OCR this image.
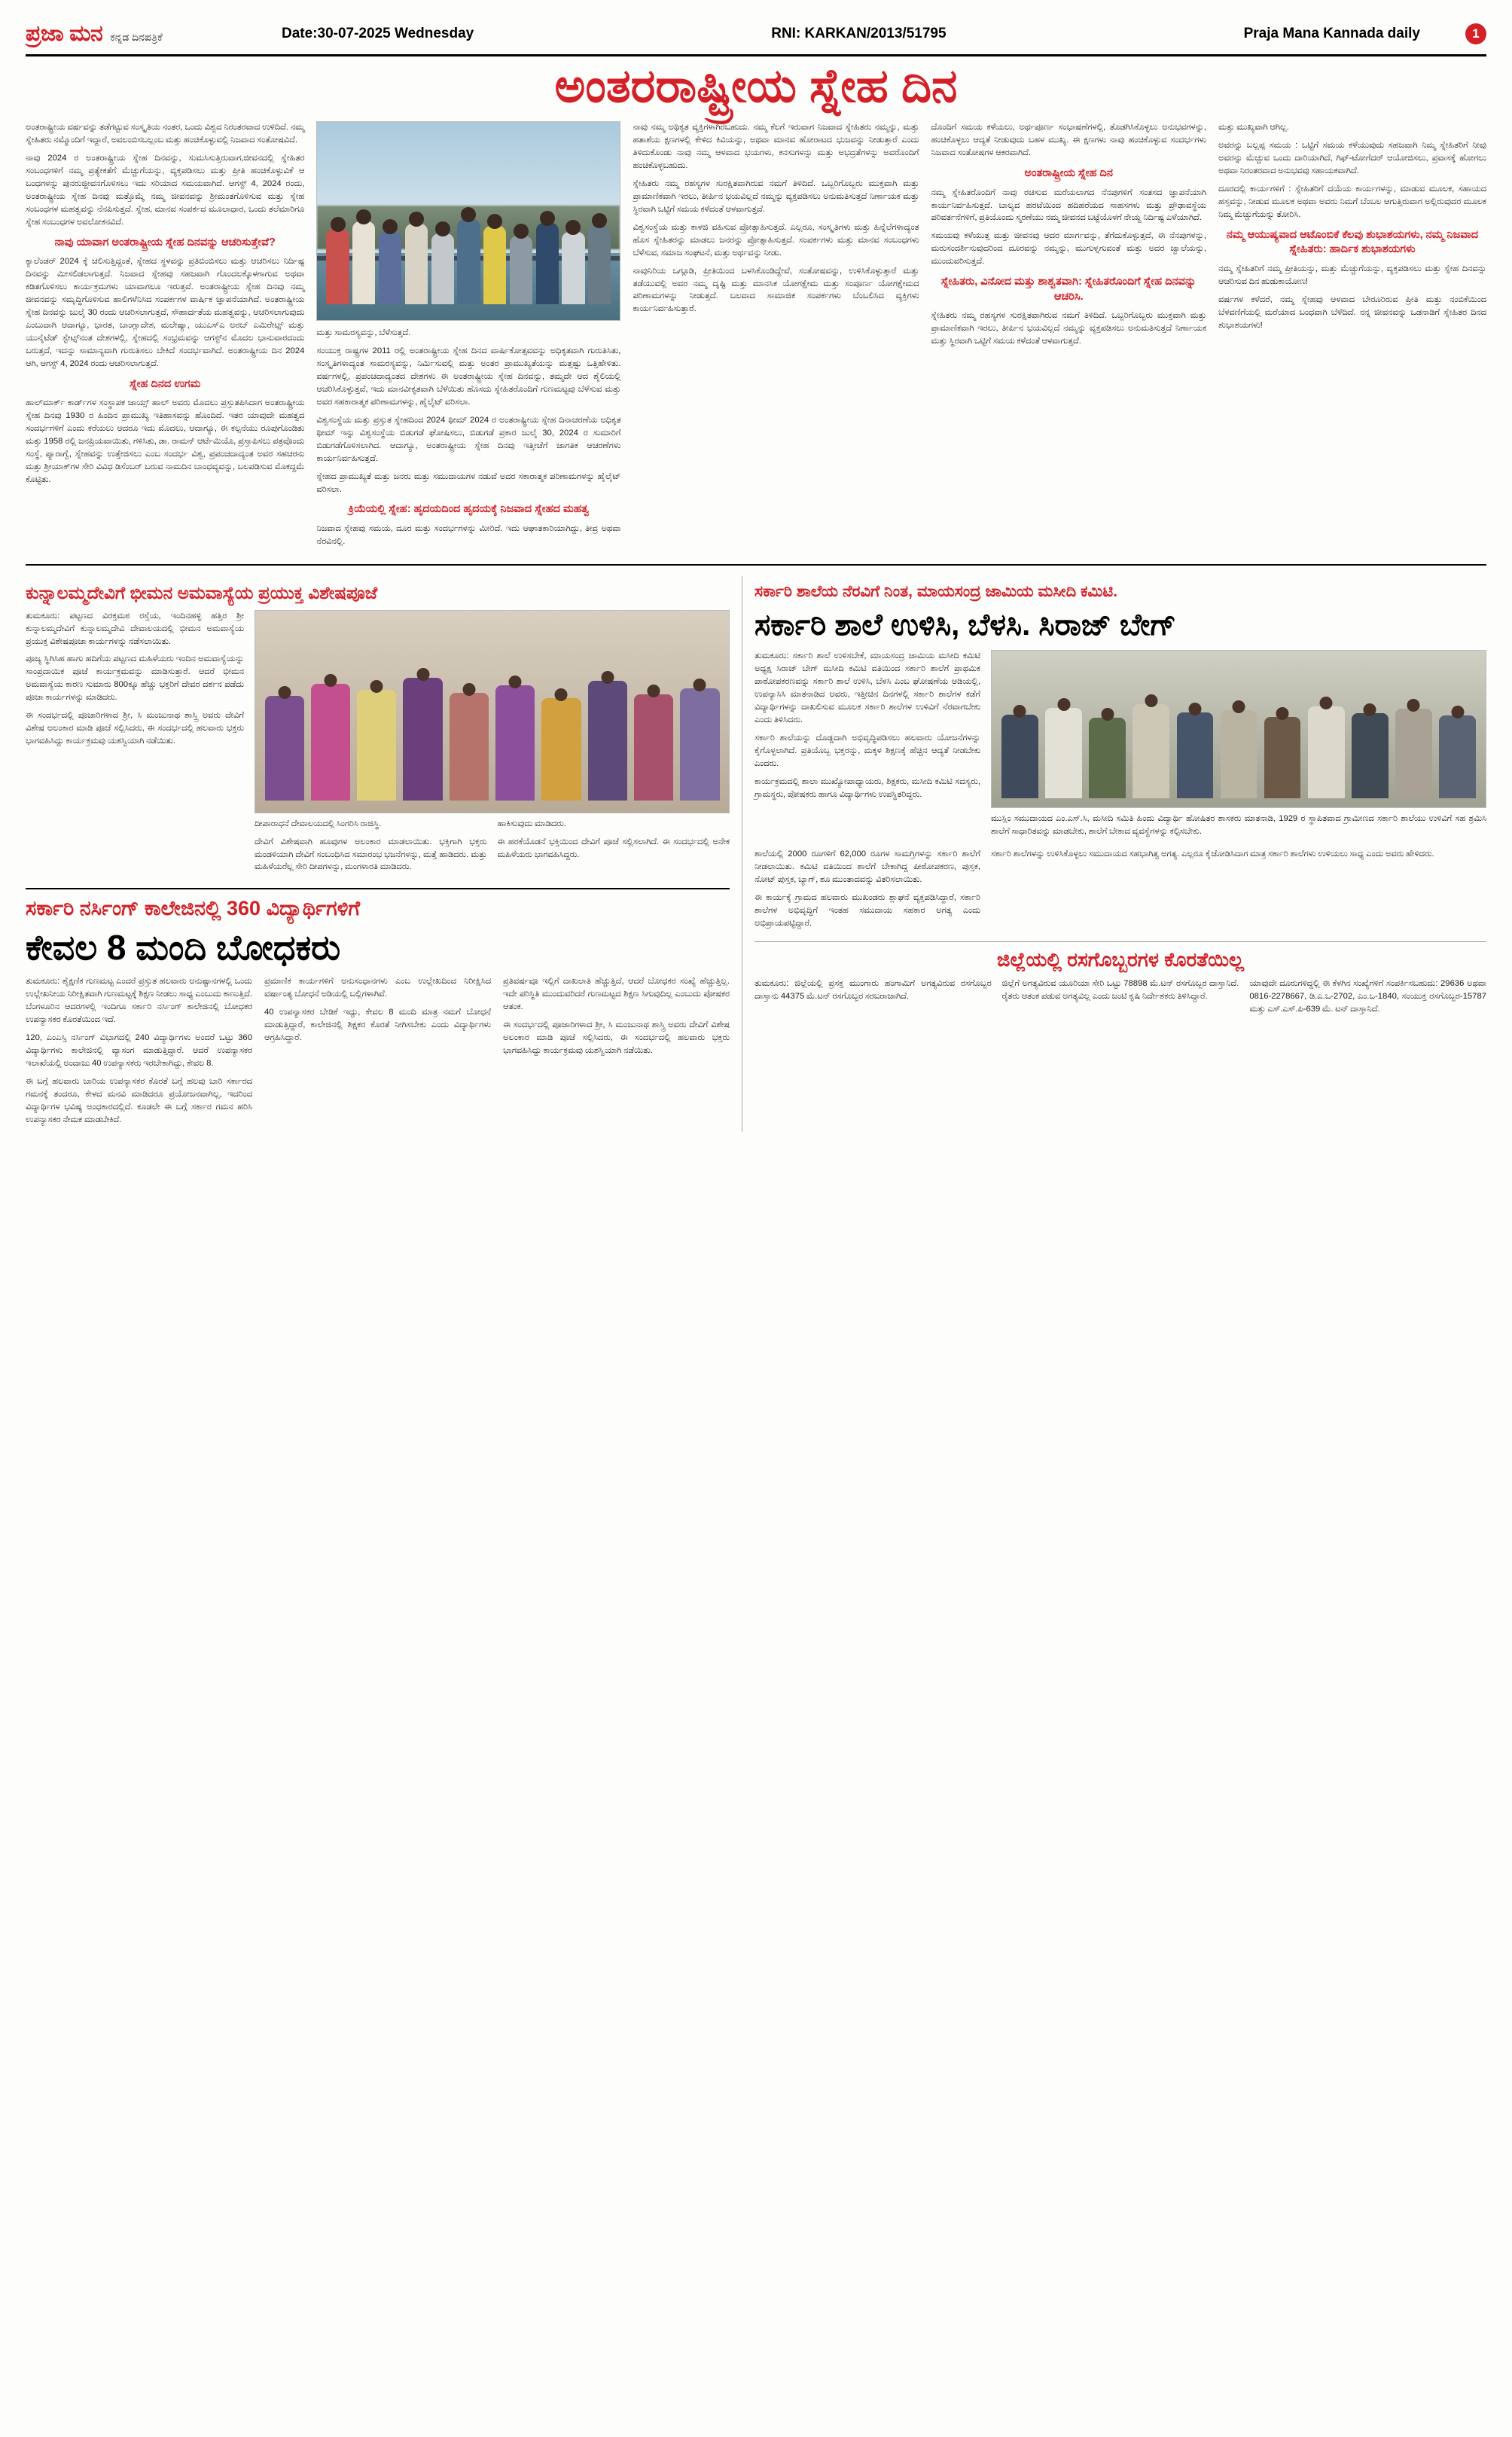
ಪ್ರಜಾ ಮನ ಕನ್ನಡ ದಿನಪತ್ರಿಕೆ	Date:30-07-2025 Wednesday	RNI: KARKAN/2013/51795	Praja Mana Kannada daily	1
ಅಂತರರಾಷ್ಟ್ರೀಯ ಸ್ನೇಹ ದಿನ

ಅಂತರಾಷ್ಟ್ರೀಯ ವರ್ಷವನ್ನು ತಡೆಗಟ್ಟುವ ಸಂಸ್ಕೃತಿಯ ನಂತರ, ಒಂದು ವಿಶ್ವದ ನಿರಂತರವಾದ ಉಳಿದಿದೆ. ನಮ್ಮ ಸ್ನೇಹಿತರು ನಮ್ಮೊಂದಿಗೆ ಇದ್ದಾರೆ, ಅವಲಂಬಿಸಬಲ್ಲಂಬ ಮತ್ತು ಹಂಚಿಕೊಳ್ಳುವಲ್ಲಿ ನಿಜವಾದ ಸಂತೋಷವಿದೆ.

ನಾವು 2024 ರ ಅಂತರಾಷ್ಟ್ರೀಯ ಸ್ನೇಹ ದಿನವನ್ನು, ಸುಮಸಿಸುತ್ತಿರುವಾಗ,ಜೀವನದಲ್ಲಿ ಸ್ನೇಹಿತರ ಸಂಬಂಧಗಳಿಗೆ ನಮ್ಮ ಪ್ರತ್ಯೇಕತೆಗೆ ಮೆಚ್ಚುಗೆಯನ್ನು, ವ್ಯಕ್ತಪಡಿಸಲು ಮತ್ತು ಪ್ರೀತಿ ಹಂಚಿಕೊಳ್ಳುವಿಕೆ ಆ ಬಂಧಗಳನ್ನು ಪುನರುಜ್ಜೀವನಗೊಳಿಸಲು ಇದು ಸರಿಯಾದ ಸಮಯವಾಗಿದೆ. ಆಗಸ್ಟ್ 4, 2024 ರಂದು, ಅಂತರಾಷ್ಟ್ರೀಯ ಸ್ನೇಹ ದಿನವು ಮತ್ತೊಮ್ಮೆ ನಮ್ಮ ಜೀವನವನ್ನು ಶ್ರೀಮಂತಗೊಳಿಸುವ ಮತ್ತು ಸ್ನೇಹ ಸಂಬಂಧಗಳ ಮಹತ್ವವನ್ನು ನೆನಪಿಸುತ್ತದೆ. ಸ್ನೇಹ, ಮಾನವ ಸಂಪರ್ಕದ ಮೂಲಾಧಾರ, ಒಂದು ತಲೆಮಾರಿಗೂ ಸ್ನೇಹ ಸಂಬಂಧಗಳ ಅವಲೋಕನವಿದೆ.

ನಾವು ಯಾವಾಗ ಅಂತರಾಷ್ಟ್ರೀಯ ಸ್ನೇಹ ದಿನವನ್ನು ಆಚರಿಸುತ್ತೇವೆ?

ಕ್ಯಾಲೆಂಡರ್ 2024 ಕ್ಕೆ ಚಲಿಸುತ್ತಿದ್ದಂತೆ, ಸ್ನೇಹದ ಸ್ಥಳವನ್ನು ಪ್ರತಿಬಿಂಬಿಸಲು ಮತ್ತು ಆಚರಿಸಲು ನಿರ್ದಿಷ್ಟ ದಿನವನ್ನು ಮೀಸಲಿಡಲಾಗುತ್ತದೆ. ನಿಜವಾದ ಸ್ನೇಹವು ಸಹಜವಾಗಿ ಗೊಂದಲಕ್ಕೊಳಗಾಗುವ ಅಥವಾ ಕಡಿತಗೊಳಿಸಲು ಕಾರ್ಯಕ್ರಮಗಳು ಯಾವಾಗಲೂ ಇರುತ್ತವೆ. ಅಂತರಾಷ್ಟ್ರೀಯ ಸ್ನೇಹ ದಿನವು ನಮ್ಮ ಜೀವನವನ್ನು ಸಮೃದ್ಧಿಗೊಳಿಸುವ ಹಾಲಿಗಳೆನಿಸಿದ ಸಂಪರ್ಕಗಳ ವಾರ್ಷಿಕ ಜ್ಞಾಪನೆಯಾಗಿದೆ. ಅಂತರಾಷ್ಟ್ರೀಯ ಸ್ನೇಹ ದಿನವನ್ನು ಜುಲೈ 30 ರಂದು ಆಚರಿಸಲಾಗುತ್ತದೆ, ಸೌಹಾರ್ದತೆಯ ಮಹತ್ವವನ್ನು, ಆಚರಿಸಲಾಗುವುದು ಎಂಬುದಾಗಿ ಆದಾಗ್ಯೂ, ಭಾರತ, ಬಾಂಗ್ಲಾದೇಶ, ಮಲೇಷ್ಯಾ, ಯುಎಸ್ಎ ಅರಬ್ ಎಮಿರೇಟ್ಸ್ ಮತ್ತು ಯುನೈಟೆಡ್ ಸ್ಟೇಟ್ಸ್‌ನಂತ ದೇಶಗಳಲ್ಲಿ, ಸ್ನೇಹದಲ್ಲಿ ಸಂಭ್ರಮವನ್ನು ಆಗಸ್ಟ್‌ನ ಮೊದಲ ಭಾನುವಾರದಂದು ಬರುತ್ತದೆ, ಇದನ್ನು ಸಾಮಾನ್ಯವಾಗಿ ಗುರುತಿಸಲು ಬೇಕಿದೆ ಸಂದರ್ಭವಾಗಿದೆ. ಅಂತರಾಷ್ಟ್ರೀಯ ದಿನ 2024 ಆಗಿ, ಆಗಸ್ಟ್ 4, 2024 ರಂದು ಆಚರಿಸಲಾಗುತ್ತದೆ.

ಸ್ನೇಹ ದಿನದ ಉಗಮ

ಹಾಲ್‌ಮಾರ್ಕ್ ಕಾರ್ಡ್‌ಗಳ ಸಂಸ್ಥಾಪಕ ಜಾಯ್ಸ್ ಹಾಲ್ ಅವರು ಮೊದಲು ಪ್ರಸ್ತುತಪಿಸಿದಾಗ ಅಂತರಾಷ್ಟ್ರೀಯ ಸ್ನೇಹ ದಿನವು 1930 ರ ಹಿಂದಿನ ಪ್ರಾಮುಖ್ಯ ಇತಿಹಾಸವನ್ನು ಹೊಂದಿದೆ. ಇತರ ಯಾವುದೇ ಮಹತ್ವದ ಸಂದರ್ಭಗಳಿಗೆ ಎಂದು ಕರೆಯಲು ಆದರೂ ಇದು ಮೊದಲು, ಆದಾಗ್ಯೂ, ಈ ಕಲ್ಪನೆಯು ರೂಪುಗೊಂಡಿತು ಮತ್ತು 1958 ರಲ್ಲಿ ಜನಪ್ರಿಯವಾಯಿತು, ಗಳಿಸಿತು, ಡಾ. ರಾಮನ್ ಆರ್ಟೆಮಿಯೊ, ಪ್ರಸ್ತಾಪಿಸಲು ಪತ್ರವೊಂದು ಸಂಸ್ಥೆ, ಪ್ಯಾರಾಗ್ವೆ, ಸ್ನೇಹವನ್ನು ಉತ್ತೇಜಿಸಲು ಎಂಬ ಸಂದರ್ಭ ವಿಶ್ವ, ಪ್ರಪಂಚದಾದ್ಯಂತ ಅವರ ಸಹಚರನು ಮತ್ತು ಶ್ರೀಯಾಕ್‌ಗಳ ಸೇರಿ ವಿವಿಧ ಡಿಸೆಂಬರ್ ಬರುವ ನಾಮದಿನ ಬಾಂಧವ್ಯವನ್ನು, ಬಲಪಡಿಸುವ ಮೊಕದ್ದಮೆ ಕೊಟ್ಟಿತು.

ಮತ್ತು ಸಾಮರಸ್ಯವನ್ನು, ಬೆಳೆಸುತ್ತದೆ.

ಸಂಯುಕ್ತ ರಾಷ್ಟ್ರಗಳ 2011 ರಲ್ಲಿ ಅಂತರಾಷ್ಟ್ರೀಯ ಸ್ನೇಹ ದಿನದ ವಾರ್ಷಿಕೋತ್ಸವವನ್ನು ಅಧಿಕೃತವಾಗಿ ಗುರುತಿಸಿತು, ಸಂಸ್ಕೃತಿಗಳಾದ್ಯಂತ ಸಾಮರಸ್ಯವನ್ನು, ನಿರ್ಮಿಸುವಲ್ಲಿ ಮತ್ತು ಅಂತರ ಪ್ರಾಮುಖ್ಯತೆಯನ್ನು ಮತ್ತಷ್ಟು ಒತ್ತಿಹೇಳಿತು. ವರ್ಷಗಳಲ್ಲಿ, ಪ್ರಪಂಚದಾದ್ಯಂತದ ದೇಶಗಳು ಈ ಅಂತರಾಷ್ಟ್ರೀಯ ಸ್ನೇಹ ದಿನವನ್ನು, ತಮ್ಮದೇ ಆದ ಶೈಲಿಯಲ್ಲಿ ಆಚರಿಸಿಕೊಳ್ಳುತ್ತವೆ, ಇದು ಮಾನವೀಕೃತವಾಗಿ ಬೆಳೆಯಿತು ಹೊಸದು ಸ್ನೇಹಿತರೊಂದಿಗೆ ಗುಣಮಟ್ಟವು ಬೆಳೆಸುವ ಮತ್ತು ಅವರ ಸಹಕಾರಾತ್ಮಕ ಪರಿಣಾಮಗಳನ್ನು, ಹೈಲೈಟ್ ವರಿಸಲಾ.

ವಿಶ್ವಸಂಸ್ಥೆಯ ಮತ್ತು ಪ್ರಸ್ತುತ ಸ್ನೇಹದಿಂದ 2024 ಥೀಮ್ 2024 ರ ಅಂತರಾಷ್ಟ್ರೀಯ ಸ್ನೇಹ ದಿನಾಚರಣೆಯ ಅಧಿಕೃತ ಥೀಮ್ ಇನ್ನು ವಿಶ್ವಸಂಸ್ಥೆಯ ಬಿಡುಗಡೆ ಘೋಷಿಸಲು, ಬಿಡುಗಡೆ ಪ್ರಕಾರ ಜುಲೈ 30, 2024 ರ ಸುಮಾರಿಗೆ ಬಿಡುಗಡೆಗೊಳಿಸಲಾಗಿದ. ಆದಾಗ್ಯೂ, ಅಂತರಾಷ್ಟ್ರೀಯ ಸ್ನೇಹ ದಿನವು ಇತ್ತೀಚೆಗೆ ಜಾಗತಿಕ ಆಚರಣೆಗಳು ಕಾರ್ಯನಿರ್ವಹಿಸುತ್ತದೆ.

ಸ್ನೇಹದ ಪ್ರಾಮುಖ್ಯತೆ ಮತ್ತು ಜನರು ಮತ್ತು ಸಮುದಾಯಗಳ ನಡುವೆ ಅದರ ಸಕಾರಾತ್ಮಕ ಪರಿಣಾಮಗಳನ್ನು ಹೈಲೈಟ್ ವರಿಸಲಾ.

ಕ್ರಿಯೆಯಲ್ಲಿ ಸ್ನೇಹ: ಹೃದಯದಿಂದ ಹೃದಯಕ್ಕೆ ನಿಜವಾದ ಸ್ನೇಹದ ಮಹತ್ವ

ನಿಜವಾದ ಸ್ನೇಹವು ಸಮಯ, ದೂರ ಮತ್ತು ಸಂದರ್ಭಗಳನ್ನು ಮೀರಿದೆ. ಇದು ಆಘಾತಕಾರಿಯಾಗಿದ್ದು, ತೀವ್ರ ಅಥವಾ ನೆರವಿನಲ್ಲಿ.

ನಾವು ನಮ್ಮ ಅಥಿಕೃತ ವ್ಯಕ್ತಿಗಳಾಗಿರಬಹುದು. ನಮ್ಮ ಕೆಲಗೆ ಇರುವಾಗ ನಿಜವಾದ ಸ್ನೇಹಿತರು ನಮ್ಮನ್ನು, ಮತ್ತು ಹತಾಶೆಯ ಕ್ಷಣಗಳಲ್ಲಿ ಕೇಳಿದ ಕಿವಿಯನ್ನು, ಅಥವಾ ಮಾನವ ಹೋರಾಟದ ಭುಜವನ್ನು ನೀಡುತ್ತಾರೆ ಎಂದು ತಿಳಿದುಕೊಂಡು ನಾವು ನಮ್ಮ ಆಳವಾದ ಭಯಗಳು, ಕನಸುಗಳನ್ನು ಮತ್ತು ಅಭದ್ರತೆಗಳನ್ನು ಅವರೊಂದಿಗೆ ಹಂಚಿಕೊಳ್ಳಬಹುದು.

ಸ್ನೇಹಿತರು ನಮ್ಮ ರಹಸ್ಯಗಳ ಸುರಕ್ಷಿತವಾಗಿರುವ ನಮಗೆ ತಿಳಿದಿದೆ. ಒಬ್ಬರಿಗೊಬ್ಬರು ಮುಕ್ತವಾಗಿ ಮತ್ತು ಪ್ರಾಮಾಣಿಕವಾಗಿ ಇರಲು, ತೀರ್ಪಿನ ಭಯವಿಲ್ಲದೆ ನಮ್ಮನ್ನು ವ್ಯಕ್ತಪಡಿಸಲು ಅನುಮತಿಸುತ್ತದೆ ನಿರ್ಣಾಯಕ ಮತ್ತು ಸ್ಥಿರವಾಗಿ ಒಟ್ಟಿಗೆ ಸಮಯ ಕಳೆದಂತೆ ಆಳವಾಗುತ್ತದೆ.

ವಿಶ್ವಸಂಸ್ಥೆಯ ಮತ್ತು ಕಾಳಜಿ ವಹಿಸುವ ಪ್ರೋತ್ಸಾಹಿಸುತ್ತದೆ. ಎಲ್ಲರೂ, ಸಂಸ್ಕೃತಿಗಳು ಮತ್ತು ಹಿನ್ನೆಲೆಗಳಾದ್ಯಂತ ಹೊಸ ಸ್ನೇಹಿತರನ್ನು ಮಾಡಲು ಜನರನ್ನು ಪ್ರೋತ್ಸಾಹಿಸುತ್ತದೆ. ಸಂಪರ್ಕಗಳು ಮತ್ತು ಮಾನವ ಸಂಬಂಧಗಳು ಬೆಳೆಸುವ, ಸಮಾಜ ಸಂಘಟನೆ, ಮತ್ತು ಅರ್ಥವನ್ನು ನೀಡು.

ನಾವುನಿರಿಯ ಒಗ್ಗೂಡಿ, ಪ್ರೀತಿಯಿಂದ ಬಳಸಿಕೊಂಡಿದ್ದೇವೆ, ಸಂತೋಷವನ್ನು, ಉಳಿಸಿಕೊಳ್ಳುತ್ತಾರೆ ಮತ್ತು ತಡೆಯುವಲ್ಲಿ ಅವರ ನಮ್ಮ ದೃಷ್ಟಿ ಮತ್ತು ಮಾನಸಿಕ ಯೋಗಕ್ಷೇಮ ಮತ್ತು ಸಂಪೂರ್ಣ ಯೋಗಕ್ಷೇಮದ ಪರಿಣಾಮಗಳನ್ನು ನೀಡುತ್ತದೆ. ಬಲವಾದ ಸಾಮಾಜಿಕ ಸಂಪರ್ಕಗಳು ಬೆಂಬಲಿಸಿದ ವ್ಯಕ್ತಿಗಳು ಕಾರ್ಯನಿರ್ವಹಿಸುತ್ತಾರೆ.

ದೊಂದಿಗೆ ಸಮಯ ಕಳೆಯಲು, ಅರ್ಥಪೂರ್ಣ ಸಂಭಾಷಣೆಗಳಲ್ಲಿ, ತೊಡಗಿಸಿಕೊಳ್ಳಲು ಅನುಭವಗಳನ್ನು, ಹಂಚಿಕೊಳ್ಳಲು ಆದ್ಯತೆ ನೀಡುವುದು ಬಹಳ ಮುಖ್ಯ. ಈ ಕ್ಷಣಗಳು ನಾವು ಹಂಚಿಕೊಳ್ಳುವ ಸಂದರ್ಭಗಳು ನಿಜವಾದ ಸಂತೋಷಗಳ ಆಕರವಾಗಿದೆ.

ಅಂತರಾಷ್ಟ್ರೀಯ ಸ್ನೇಹ ದಿನ

ನಮ್ಮ ಸ್ನೇಹಿತರೊಂದಿಗೆ ನಾವು ರಚಿಸುವ ಮರೆಯಲಾಗದ ನೆನಪುಗಳಿಗೆ ಸಂತಸದ ಜ್ಞಾಪನೆಯಾಗಿ ಕಾರ್ಯನಿರ್ವಹಿಸುತ್ತದೆ. ಬಾಲ್ಯದ ಹರಟೆಯಿಂದ ಹದಿಹರೆಯದ ಸಾಹಸಗಳು ಮತ್ತು ಪ್ರೌಢಾವಸ್ಥೆಯ ಪರಿವರ್ತನೆಗಳಿಗೆ, ಪ್ರತಿಯೊಂದು ಸ್ಮರಣೆಯು ನಮ್ಮ ಜೀವನದ ಬಟ್ಟೆಯೊಳಗೆ ನೇಯ್ದ ನಿರ್ದಿಷ್ಟ ಎಳೆಯಾಗಿದೆ.

ಸಮಯವು ಕಳೆಯುತ್ತ ಮತ್ತು ಜೀವನವು ಆದರ ಮಾರ್ಗವನ್ನು, ತೆಗೆದುಕೊಳ್ಳುತ್ತದೆ, ಈ ನೆನಪುಗಳನ್ನು, ಮರುಸಂದರ್ಶಿಸುವುದರಿಂದ ದೂರವನ್ನು ನಮ್ಮನ್ನು, ಮುಗುಳ್ನಗುವಂತೆ ಮತ್ತು ಅದರ ಜ್ವಾಲೆಯನ್ನು, ಮುಂದುವರಿಸುತ್ತದೆ.

ಸ್ನೇಹಿತರು, ವಿನೋದ ಮತ್ತು ಶಾಶ್ವತವಾಗಿ: ಸ್ನೇಹಿತರೊಂದಿಗೆ ಸ್ನೇಹ ದಿನವನ್ನು ಆಚರಿಸಿ.

ಸ್ನೇಹಿತರು ನಮ್ಮ ರಹಸ್ಯಗಳ ಸುರಕ್ಷಿತವಾಗಿರುವ ನಮಗೆ ತಿಳಿದಿದೆ. ಒಬ್ಬರಿಗೊಬ್ಬರು ಮುಕ್ತವಾಗಿ ಮತ್ತು ಪ್ರಾಮಾಣಿಕವಾಗಿ ಇರಲು, ತೀರ್ಪಿನ ಭಯವಿಲ್ಲದೆ ನಮ್ಮನ್ನು ವ್ಯಕ್ತಪಡಿಸಲು ಅನುಮತಿಸುತ್ತದೆ ನಿರ್ಣಾಯಕ ಮತ್ತು ಸ್ಥಿರವಾಗಿ ಒಟ್ಟಿಗೆ ಸಮಯ ಕಳೆದಂತೆ ಆಳವಾಗುತ್ತದೆ.

ಮತ್ತು ಮುಖ್ಯವಾಗಿ ಆಗಿಲ್ಲ.

ಅವರನ್ನು ಬಲ್ಲಪ್ಪ ಸಮಯ : ಒಟ್ಟಿಗೆ ಸಮಯ ಕಳೆಯುವುದು ಸಹಜವಾಗಿ ನಿಮ್ಮ ಸ್ನೇಹಿತರಿಗೆ ನೀವು ಅವರನ್ನು ಮೆಚ್ಚುವ ಒಂದು ದಾರಿಯಾಗಿದೆ, ಗಿಫ್-ಟೋಗೆದರ್ ಆಯೋಜಿಸಲು, ಪ್ರವಾಸಕ್ಕೆ ಹೋಗಲು ಅಥವಾ ನಿರಂತರವಾದ ಅನುಭವವು ಸಹಾಯಕವಾಗಿದೆ.

ದೂರದಲ್ಲಿ ಕಾರ್ಯಗಳಿಗೆ : ಸ್ನೇಹಿತರಿಗೆ ದಯೆಯ ಕಾರ್ಯಗಳನ್ನು, ಮಾಡುವ ಮೂಲಕ, ಸಹಾಯದ ಹಸ್ತವನ್ನು, ನೀಡುವ ಮೂಲಕ ಅಥವಾ ಅವರು ನಿಮಗೆ ಬೆಂಬಲ ಆಗುತ್ತಿರುವಾಗ ಅಲ್ಲಿರುವುದರ ಮೂಲಕ ನಿಮ್ಮ ಮೆಚ್ಚುಗೆಯನ್ನು ತೋರಿಸಿ.

ನಮ್ಮ ಆಯುಷ್ಯವಾದ ಆಟೊಂಬಿಕೆ ಕೆಲವು ಶುಭಾಶಯಗಳು, ನಮ್ಮ ನಿಜವಾದ ಸ್ನೇಹಿತರು: ಹಾರ್ದಿಕ ಶುಭಾಶಯಗಳು

ನಮ್ಮ ಸ್ನೇಹಿತರಿಗೆ ನಮ್ಮ ಪ್ರೀತಿಯನ್ನು, ಮತ್ತು ಮೆಚ್ಚುಗೆಯನ್ನು, ವ್ಯಕ್ತಪಡಿಸಲು ಮತ್ತು ಸ್ನೇಹ ದಿನವನ್ನು ಆಚರಿಸುವ ದಿನ ಹುಡುಕಾಯೋಣ!

ವರ್ಷಗಳ ಕಳೆದರೆ, ನಮ್ಮ ಸ್ನೇಹವು ಆಳವಾದ ಬೇರೂರಿರುವ ಪ್ರೀತಿ ಮತ್ತು ನಂಬಿಕೆಯಿಂದ ಬೆಳವಣಿಗೆಯಲ್ಲಿ ಮರೆಯಾದ ಬಂಧವಾಗಿ ಬೆಳೆದಿದೆ. ನನ್ನ ಜೀವನವನ್ನು ಒಡನಾಡಿಗೆ ಸ್ನೇಹಿತರ ದಿನದ ಶುಭಾಶಯಗಳು!

ಕುನ್ನಾಲಮ್ಮದೇವಿಗೆ ಭೀಮನ ಅಮವಾಸ್ಯೆಯ ಪ್ರಯುಕ್ತ ವಿಶೇಷಪೂಜೆ

ತುಮಕೂರು: ಪಟ್ಟಣದ ವಿರಕ್ತಮಠ ರಸ್ತೆಯ, ಇಂದಿನಹಳ್ಳಿ ಹತ್ತಿರ ಶ್ರೀ ಕುನ್ನಾಲಮ್ಮದೇವಿಗೆ ಕುನ್ನಾಲಮ್ಮದೇವಿ ದೇವಾಲಯದಲ್ಲಿ ಭೀಮನ ಅಮವಾಸ್ಯೆಯ ಪ್ರಯುಕ್ತ ವಿಶೇಷಪೂಜಾ ಕಾರ್ಯಗಳನ್ನು ನಡೆಸಲಾಯಿತು.

ಪೂಜ್ಯ ಸ್ಥಿಗಿಸಿಹ ಹಾಗು ಹದಿಗೆಯ ಪಟ್ಟಣದ ಮಹಿಳೆಯರು ಇಂದಿನ ಅಮವಾಸ್ಯೆಯನ್ನು ಸಾಂಪ್ರದಾಯಿಕ ಪೂಜೆ ಕಾರ್ಯಕ್ರಮವನ್ನು ಮಾಡಿಸುತ್ತಾರೆ. ಆದರೆ ಭೀಮನ ಅಮವಾಸ್ಯೆಯ ಕಾರಣ ಸುಮಾರು 800ಕ್ಕೂ ಹೆಚ್ಚು ಭಕ್ತರಿಗೆ ದೇವರ ದರ್ಶನ ಪಡೆದು ಪೂಜಾ ಕಾರ್ಯಗಳನ್ನು ಮಾಡಿದರು.

ಈ ಸಂದರ್ಭದಲ್ಲಿ ಪೂಜಾರಿಗಳಾದ ಶ್ರೀ, ಸಿ ಮಂಜುನಾಥ ಶಾಸ್ತ್ರಿ ಅವರು ದೇವಿಗೆ ವಿಶೇಷ ಅಲಂಕಾರ ಮಾಡಿ ಪೂಜೆ ಸಲ್ಲಿಸಿದರು, ಈ ಸಂದರ್ಭದಲ್ಲಿ ಹಲವಾರು ಭಕ್ತರು ಭಾಗವಹಿಸಿದ್ದು ಕಾರ್ಯಕ್ರಮವು ಯಶಸ್ವಿಯಾಗಿ ನಡೆಯಿತು.

ದೀಪಾರಾಧನೆ ದೇವಾಲಯದಲ್ಲಿ ಸಿಂಗರಿಸಿ ರಾಜಿಸ್ಥಿ.

ದೇವಿಗೆ ವಿಶೇಷವಾಗಿ ಹೂವುಗಳ ಅಲಂಕಾರ ಮಾಡಲಾಯಿತು. ಭಕ್ತಿಗಾಗಿ ಭಕ್ತರು ಮಂಡಳಿಯಾಗಿ ದೇವಿಗೆ ಸಂಬಂಧಿಸಿದ ಸಮಾರಂಭ ಭಜನೆಗಳನ್ನು, ಮತ್ತೆ ಹಾಡಿದರು. ಮತ್ತು ಮಹಿಳೆಯರೆಲ್ಲ ಸೇರಿ ದೀಪಗಳನ್ನು, ಮಂಗಳಾರತಿ ಮಾಡಿದರು.

ಹಾಕಿಸುವುದು ಮಾಡಿದರು.

ಈ ಹರಕೆಯೊಡನೆ ಭಕ್ತಿಯಿಂದ ದೇವಿಗೆ ಪೂಜೆ ಸಲ್ಲಿಸಲಾಗಿದೆ. ಈ ಸಂದರ್ಭದಲ್ಲಿ ಅನೇಕ ಮಹಿಳೆಯರು ಭಾಗವಹಿಸಿದ್ದರು.

ಸರ್ಕಾರಿ ನರ್ಸಿಂಗ್ ಕಾಲೇಜಿನಲ್ಲಿ 360 ವಿದ್ಯಾರ್ಥಿಗಳಿಗೆ
ಕೇವಲ 8 ಮಂದಿ ಬೋಧಕರು

ತುಮಕೂರು: ಶೈಕ್ಷಣಿಕ ಗುಣಮಟ್ಟ ಎಂದರೆ ಪ್ರಸ್ತುತ ಹಲವಾರು ಅನುಷ್ಟಾನಗಳಲ್ಲಿ ಒಂದು ಉಲ್ಲೇಖನೀಯ ನಿರೀಕ್ಷಿತವಾಗಿ ಗುಣಮಟ್ಟಕ್ಕೆ ಶಿಕ್ಷಣ ನೀಡಲು ಸಾಧ್ಯ ಎಂಬುದು ಕಾಣುತ್ತಿದೆ. ಬೆಂಗಳೂರಿನ ಆದರಗಳಲ್ಲಿ ಇಂದಿಗೂ ಸರ್ಕಾರಿ ನರ್ಸಿಂಗ್ ಕಾಲೇಜಿನಲ್ಲಿ ಬೋಧಕರ ಉಪನ್ಯಾಸಕರ ಕೊರತೆಯಿಂದ ಇದೆ.

120, ಎಂಎಸ್ಸಿ ನರ್ಸಿಂಗ್ ವಿಭಾಗದಲ್ಲಿ 240 ವಿದ್ಯಾರ್ಥಿಗಳು ಅಂದರೆ ಒಟ್ಟು 360 ವಿದ್ಯಾರ್ಥಿಗಳು ಕಾಲೇಜಿನಲ್ಲಿ ವ್ಯಾಸಂಗ ಮಾಡುತ್ತಿದ್ದಾರೆ. ಆದರೆ ಉಪನ್ಯಾಸಕರ ಇಲಾಖೆಯಲ್ಲಿ ಅಂದಾಜು 40 ಉಪನ್ಯಾಸಕರು ಇರಬೇಕಾಗಿದ್ದು, ಕೇವಲ 8.

ಈ ಬಗ್ಗೆ ಹಲವಾರು ಬಾರಿಯ ಉಪನ್ಯಾಸಕರ ಕೊರತೆ ಬಗ್ಗೆ ಹಲವು ಬಾರಿ ಸರ್ಕಾರದ ಗಮನಕ್ಕೆ ತಂದರೂ, ಕೇಳದ ಮನವಿ ಮಾಡಿದರೂ ಪ್ರಯೋಜನವಾಗಿಲ್ಲ, ಇದರಿಂದ ವಿದ್ಯಾರ್ಥಿಗಳ ಭವಿಷ್ಯ ಅಂಧಕಾರದಲ್ಲಿದೆ. ಕೂಡಲೇ ಈ ಬಗ್ಗೆ ಸರ್ಕಾರ ಗಮನ ಹರಿಸಿ ಉಪನ್ಯಾಸಕರ ನೇಮಕ ಮಾಡಬೇಕಿದೆ.

ಪ್ರಮಾಣಿಕ ಕಾರ್ಯಗಳಿಗೆ ಅನುಸಂಧಾನಗಳು ಎಂಬ ಉಲ್ಲೇಖದಿಂದ ನಿರೀಕ್ಷಿಸಿದ ವರ್ಷಾಂತ್ಯ ಬೋಧನೆ ಅಡಿಯಲ್ಲಿ ಬಲ್ಲಿಗಳಾಗಿವೆ.

40 ಉಪನ್ಯಾಸಕರ ಬೇಡಿಕೆ ಇದ್ದು, ಕೇವಲ 8 ಮಂದಿ ಮಾತ್ರ ನಮಗೆ ಬೋಧನೆ ಮಾಡುತ್ತಿದ್ದಾರೆ, ಕಾಲೇಜಿನಲ್ಲಿ ಶಿಕ್ಷಕರ ಕೊರತೆ ನೀಗಿಸಬೇಕು ಎಂದು ವಿದ್ಯಾರ್ಥಿಗಳು ಆಗ್ರಹಿಸಿದ್ದಾರೆ.

ಪ್ರತಿವರ್ಷವೂ ಇಲ್ಲಿಗೆ ದಾಖಲಾತಿ ಹೆಚ್ಚುತ್ತಿದೆ, ಆದರೆ ಬೋಧಕರ ಸಂಖ್ಯೆ ಹೆಚ್ಚುತ್ತಿಲ್ಲ. ಇದೇ ಪರಿಸ್ಥಿತಿ ಮುಂದುವರಿದರೆ ಗುಣಮಟ್ಟದ ಶಿಕ್ಷಣ ಸಿಗುವುದಿಲ್ಲ ಎಂಬುದು ಪೋಷಕರ ಆತಂಕ.

ಈ ಸಂದರ್ಭದಲ್ಲಿ ಪೂಜಾರಿಗಳಾದ ಶ್ರೀ, ಸಿ ಮಂಜುನಾಥ ಶಾಸ್ತ್ರಿ ಅವರು ದೇವಿಗೆ ವಿಶೇಷ ಅಲಂಕಾರ ಮಾಡಿ ಪೂಜೆ ಸಲ್ಲಿಸಿದರು, ಈ ಸಂದರ್ಭದಲ್ಲಿ ಹಲವಾರು ಭಕ್ತರು ಭಾಗವಹಿಸಿದ್ದು ಕಾರ್ಯಕ್ರಮವು ಯಶಸ್ವಿಯಾಗಿ ನಡೆಯಿತು.

ಸರ್ಕಾರಿ ಶಾಲೆಯ ನೆರವಿಗೆ ನಿಂತ, ಮಾಯಸಂದ್ರ ಜಾಮಿಯ ಮಸೀದಿ ಕಮಿಟಿ.
ಸರ್ಕಾರಿ ಶಾಲೆ ಉಳಿಸಿ, ಬೆಳಸಿ. ಸಿರಾಜ್ ಬೇಗ್

ತುಮಕೂರು: ಸರ್ಕಾರಿ ಶಾಲೆ ಉಳಿಸಬೇಕೆ, ಮಾಯಸಂದ್ರ ಜಾಮಿಯ ಮಸೀದಿ ಕಮಿಟಿ ಅಧ್ಯಕ್ಷ ಸಿರಾಜ್ ಬೇಗ್ ಮಸೀದಿ ಕಮಿಟಿ ವತಿಯಿಂದ ಸರ್ಕಾರಿ ಶಾಲೆಗೆ ಪ್ರಾಥಮಿಕ ಪಾಠೋಪಕರಣವನ್ನು ಸರ್ಕಾರಿ ಶಾಲೆ ಉಳಿಸಿ, ಬೆಳಸಿ ಎಂಬ ಘೋಷಣೆಯ ಆಡಿಯಲ್ಲಿ, ಉಪನ್ಯಾಸಿಸಿ ಮಾತನಾಡಿದ ಅವರು, ಇತ್ತೀಚಿನ ದಿನಗಳಲ್ಲಿ ಸರ್ಕಾರಿ ಶಾಲೆಗಳ ಕಡೆಗೆ ವಿದ್ಯಾರ್ಥಿಗಳನ್ನು ದಾಖಲಿಸುವ ಮೂಲಕ ಸರ್ಕಾರಿ ಶಾಲೆಗಳ ಉಳಿವಿಗೆ ನೆರವಾಗಬೇಕು ಎಂದು ತಿಳಿಸಿದರು.

ಸರ್ಕಾರಿ ಶಾಲೆಯನ್ನು ದೊಡ್ಡದಾಗಿ ಅಭಿವೃದ್ಧಿಪಡಿಸಲು ಹಲವಾರು ಯೋಜನೆಗಳನ್ನು ಕೈಗೊಳ್ಳಲಾಗಿದೆ. ಪ್ರತಿಯೊಬ್ಬ ಭಕ್ತರನ್ನು, ಮಕ್ಕಳ ಶಿಕ್ಷಣಕ್ಕೆ ಹೆಚ್ಚಿನ ಆದ್ಯತೆ ನೀಡಬೇಕು ಎಂದರು.

ಕಾರ್ಯಕ್ರಮದಲ್ಲಿ ಶಾಲಾ ಮುಖ್ಯೋಪಾಧ್ಯಾಯರು, ಶಿಕ್ಷಕರು, ಮಸೀದಿ ಕಮಿಟಿ ಸದಸ್ಯರು, ಗ್ರಾಮಸ್ಥರು, ಪೋಷಕರು ಹಾಗೂ ವಿದ್ಯಾರ್ಥಿಗಳು ಉಪಸ್ಥಿತರಿದ್ದರು.

ಮುಸ್ಲಿಂ ಸಮುದಾಯದ ಎಂ.ಎಸ್.ಸಿ, ಮಸೀದಿ ಸಮಿತಿ ಹಿಂದು ವಿದ್ಯಾರ್ಥಿ ಹೋಷಿತರ ಶಾಸಕರು ಮಾತನಾಡಿ, 1929 ರ ಸ್ಥಾಪಿತವಾದ ಗ್ರಾಮೀಣದ ಸರ್ಕಾರಿ ಶಾಲೆಯು ಉಳಿವಿಗೆ ಸಹ ಶ್ರಮಿಸಿ ಶಾಲೆಗೆ ಸಾಧಾರಿತವನ್ನು ಮಾಡಬೇಕು, ಶಾಲೆಗೆ ಬೇಕಾದ ವ್ಯವಸ್ಥೆಗಳನ್ನು ಕಲ್ಪಿಸಬೇಕು.

ಶಾಲೆಯಲ್ಲಿ 2000 ರೂಗಳಿಗೆ 62,000 ರೂಗಳ ಸಾಮಗ್ರಿಗಳನ್ನು ಸರ್ಕಾರಿ ಶಾಲೆಗೆ ನೀಡಲಾಯಿತು. ಕಮಿಟಿ ವತಿಯಿಂದ ಶಾಲೆಗೆ ಬೇಕಾಗಿದ್ದ ಪೀಠೋಪಕರಣ, ಪುಸ್ತಕ, ನೋಟ್ ಪುಸ್ತಕ, ಬ್ಯಾಗ್, ಶೂ ಮುಂತಾದವನ್ನು ವಿತರಿಸಲಾಯಿತು.

ಈ ಕಾರ್ಯಕ್ಕೆ ಗ್ರಾಮದ ಹಲವಾರು ಮುಖಂಡರು ಶ್ಲಾಘನೆ ವ್ಯಕ್ತಪಡಿಸಿದ್ದಾರೆ, ಸರ್ಕಾರಿ ಶಾಲೆಗಳ ಅಭಿವೃದ್ಧಿಗೆ ಇಂತಹ ಸಮುದಾಯ ಸಹಕಾರ ಅಗತ್ಯ ಎಂದು ಅಭಿಪ್ರಾಯಪಟ್ಟಿದ್ದಾರೆ.

ಸರ್ಕಾರಿ ಶಾಲೆಗಳನ್ನು ಉಳಿಸಿಕೊಳ್ಳಲು ಸಮುದಾಯದ ಸಹಭಾಗಿತ್ವ ಅಗತ್ಯ. ಎಲ್ಲರೂ ಕೈಜೋಡಿಸಿದಾಗ ಮಾತ್ರ ಸರ್ಕಾರಿ ಶಾಲೆಗಳು ಉಳಿಯಲು ಸಾಧ್ಯ ಎಂದು ಅವರು ಹೇಳಿದರು.

ಜಿಲ್ಲೆಯಲ್ಲಿ ರಸಗೊಬ್ಬರಗಳ ಕೊರತೆಯಿಲ್ಲ

ತುಮಕೂರು: ಜಿಲ್ಲೆಯಲ್ಲಿ ಪ್ರಸಕ್ತ ಮುಂಗಾರು ಹಂಗಾಮಿಗೆ ಅಗತ್ಯವಿರುವ ರಸಗೊಬ್ಬರ ದಾಸ್ತಾನು 44375 ಮೆ.ಟನ್ ರಸಗೊಬ್ಬರ ಸರಬರಾಜಾಗಿದೆ.

ಜಿಲ್ಲೆಗೆ ಅಗತ್ಯವಿರುವ ಯೂರಿಯಾ ಸೇರಿ ಒಟ್ಟು 78898 ಮೆ.ಟನ್ ರಸಗೊಬ್ಬರ ದಾಸ್ತಾನಿದೆ. ರೈತರು ಆತಂಕ ಪಡುವ ಅಗತ್ಯವಿಲ್ಲ ಎಂದು ಜಂಟಿ ಕೃಷಿ ನಿರ್ದೇಶಕರು ತಿಳಿಸಿದ್ದಾರೆ.

ಯಾವುದೇ ದೂರುಗಳಿದ್ದಲ್ಲಿ ಈ ಕೆಳಗಿನ ಸಂಖ್ಯೆಗಳಿಗೆ ಸಂಪರ್ಕಿಸಬಹುದು: 29636 ಅಥವಾ 0816-2278667, ಡಿ.ಎ.ಒ-2702, ಎಂ.ಒ-1840, ಸಂಯುಕ್ತ ರಸಗೊಬ್ಬರ-15787 ಮತ್ತು ಎಸ್.ಎಸ್.ಪಿ-639 ಮೆ. ಟನ್ ದಾಸ್ತಾನಿದೆ.
